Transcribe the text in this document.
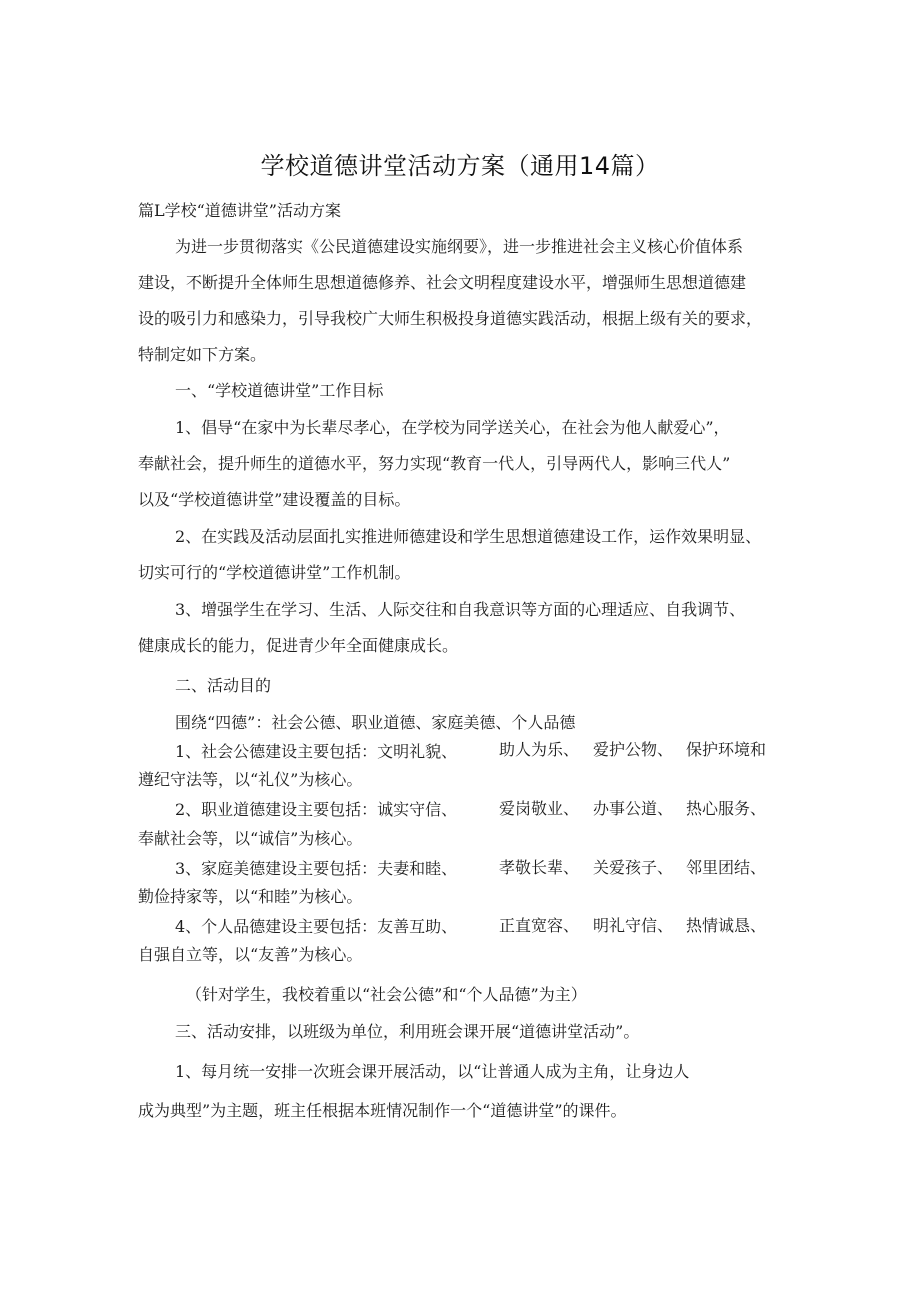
学校道德讲堂活动方案（通用14篇）
篇L学校“道德讲堂”活动方案
为进一步贯彻落实《公民道德建设实施纲要》，进一步推进社会主义核心价值体系
建设，不断提升全体师生思想道德修养、社会文明程度建设水平，增强师生思想道德建
设的吸引力和感染力，引导我校广大师生积极投身道德实践活动，根据上级有关的要求，
特制定如下方案。
一、“学校道德讲堂”工作目标
1、倡导“在家中为长辈尽孝心，在学校为同学送关心，在社会为他人献爱心”，
奉献社会，提升师生的道德水平，努力实现“教育一代人，引导两代人，影响三代人”
以及“学校道德讲堂”建设覆盖的目标。
2、在实践及活动层面扎实推进师德建设和学生思想道德建设工作，运作效果明显、
切实可行的“学校道德讲堂”工作机制。
3、增强学生在学习、生活、人际交往和自我意识等方面的心理适应、自我调节、
健康成长的能力，促进青少年全面健康成长。
二、活动目的
围绕“四德”：社会公德、职业道德、家庭美德、个人品德
1、社会公德建设主要包括：文明礼貌、	助人为乐、 爱护公物、 保护环境和
遵纪守法等，以“礼仪”为核心。
2、职业道德建设主要包括：诚实守信、	爱岗敬业、 办事公道、 热心服务、
奉献社会等，以“诚信”为核心。
3、家庭美德建设主要包括：夫妻和睦、	孝敬长辈、 关爱孩子、 邻里团结、
勤俭持家等，以“和睦”为核心。
4、个人品德建设主要包括：友善互助、	正直宽容、 明礼守信、 热情诚恳、
自强自立等，以“友善”为核心。
（针对学生，我校着重以“社会公德”和“个人品德”为主）
三、活动安排，以班级为单位，利用班会课开展“道德讲堂活动”。
1、每月统一安排一次班会课开展活动，以“让普通人成为主角，让身边人
成为典型”为主题，班主任根据本班情况制作一个“道德讲堂”的课件。
